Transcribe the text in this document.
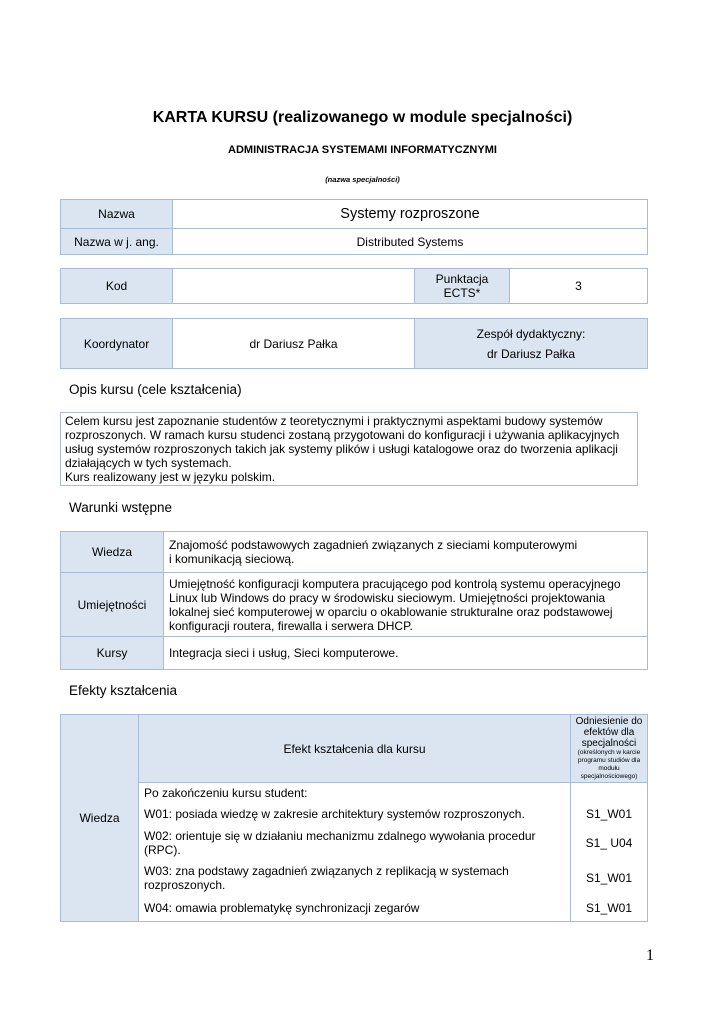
KARTA KURSU (realizowanego w module specjalności)
ADMINISTRACJA SYSTEMAMI INFORMATYCZNYMI
(nazwa specjalności)
Nazwa	Systemy rozproszone
Nazwa w j. ang.	Distributed Systems
Kod		Punktacja ECTS*	3
Koordynator	dr Dariusz Pałka	
Zespół dydaktyczny:
dr Dariusz Pałka
Opis kursu (cele kształcenia)
Celem kursu jest zapoznanie studentów z teoretycznymi i praktycznymi aspektami budowy systemów
rozproszonych. W ramach kursu studenci zostaną przygotowani do konfiguracji i używania aplikacyjnych
usług systemów rozproszonych takich jak systemy plików i usługi katalogowe oraz do tworzenia aplikacji
działających w tych systemach.
Kurs realizowany jest w języku polskim.
Warunki wstępne
Wiedza	Znajomość podstawowych zagadnień związanych z sieciami komputerowymi
i komunikacją sieciową.

Umiejętności	Umiejętność konfiguracji komputera pracującego pod kontrolą systemu operacyjnego
Linux lub Windows do pracy w środowisku sieciowym. Umiejętności projektowania
lokalnej sieć komputerowej w oparciu o okablowanie strukturalne oraz podstawowej
konfiguracji routera, firewalla i serwera DHCP.

Kursy	Integracja sieci i usług, Sieci komputerowe.
Efekty kształcenia
Wiedza	Efekt kształcenia dla kursu	Odniesienie do efektów dla specjalności
(określonych w karcie programu studiów dla modułu specjalnościowego)

	Po zakończeniu kursu student:	
	W01: posiada wiedzę w zakresie architektury systemów rozproszonych.	S1_W01
	W02: orientuje się w działaniu mechanizmu zdalnego wywołania procedur (RPC).	S1_ U04
	W03: zna podstawy zagadnień związanych z replikacją w systemach rozproszonych.	S1_W01
	W04: omawia problematykę synchronizacji zegarów	S1_W01
1
